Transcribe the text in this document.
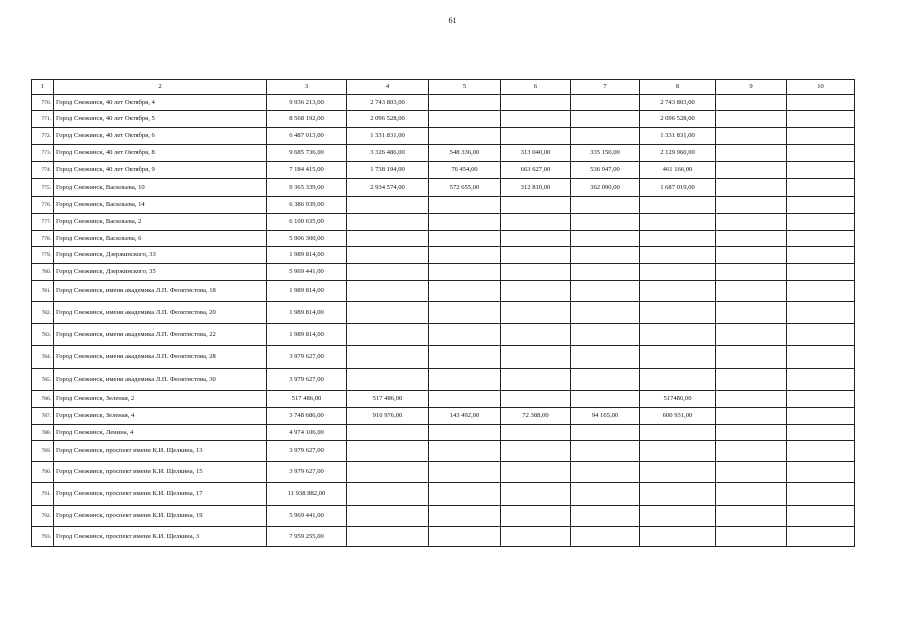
61
1	2	3	4	5	6	7	8	9	10
770.	Город Снежинск, 40 лет Октября, 4	9 936 213,00	2 743 803,00				2 743 803,00		
771.	Город Снежинск, 40 лет Октября, 5	8 568 192,00	2 096 528,00				2 096 528,00		
772.	Город Снежинск, 40 лет Октября, 6	6 487 013,00	1 331 831,00				1 331 831,00		
773.	Город Снежинск, 40 лет Октября, 8	9 685 736,00	3 326 486,00	548 336,00	313 040,00	335 150,00	2 129 960,00		
774.	Город Снежинск, 40 лет Октября, 9	7 184 415,00	1 738 194,00	76 454,00	663 627,00	536 947,00	461 166,00		
775.	Город Снежинск, Васильева, 10	9 365 339,00	2 934 574,00	572 655,00	312 810,00	362 090,00	1 687 019,00		
776.	Город Снежинск, Васильева, 14	6 386 939,00							
777.	Город Снежинск, Васильева, 2	6 100 635,00							
778.	Город Снежинск, Васильева, 6	5 906 300,00							
779.	Город Снежинск, Дзержинского, 33	1 989 814,00							
780.	Город Снежинск, Дзержинского, 35	5 969 441,00							
781.	Город Снежинск, имени академика Л.П. Феоктистова, 18	1 989 814,00							
782.	Город Снежинск, имени академика Л.П. Феоктистова, 20	1 989 814,00							
783.	Город Снежинск, имени академика Л.П. Феоктистова, 22	1 989 814,00							
784.	Город Снежинск, имени академика Л.П. Феоктистова, 28	3 979 627,00							
785.	Город Снежинск, имени академика Л.П. Феоктистова, 30	3 979 627,00							
786.	Город Снежинск, Зеленая, 2	517 486,00	517 486,00				517486,00		
787.	Город Снежинск, Зеленая, 4	3 748 686,00	910 976,00	143 492,00	72 388,00	94 165,00	600 931,00		
788.	Город Снежинск, Ленина, 4	4 974 106,00							
789.	Город Снежинск, проспект имени К.И. Щелкина, 13	3 979 627,00							
790.	Город Снежинск, проспект имени К.И. Щелкина, 15	3 979 627,00							
791.	Город Снежинск, проспект имени К.И. Щелкина, 17	11 938 882,00							
792.	Город Снежинск, проспект имени К.И. Щелкина, 19	5 969 441,00							
793.	Город Снежинск, проспект имени К.И. Щелкина, 3	7 959 255,00							
